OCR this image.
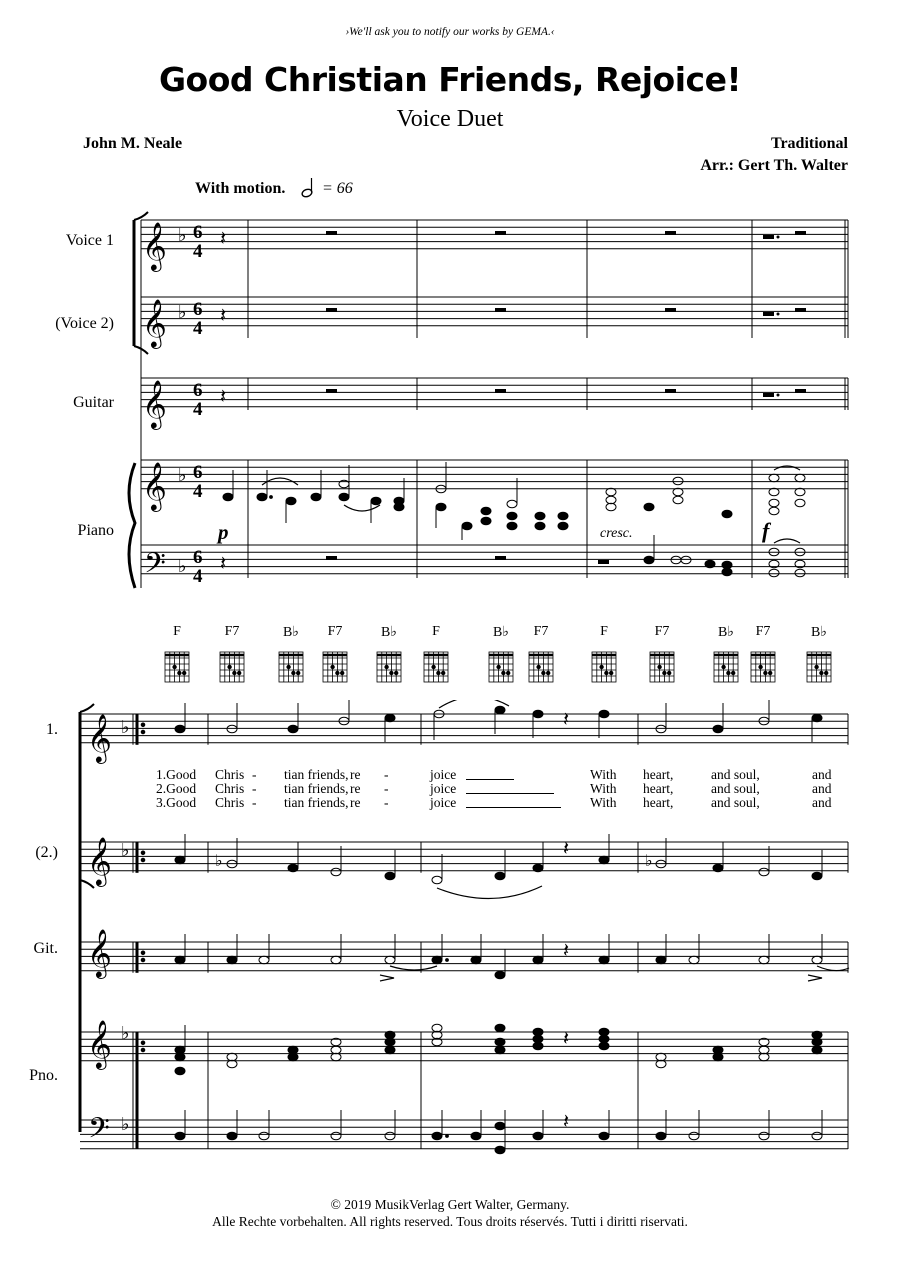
›We'll ask you to notify our works by GEMA.‹
Good Christian Friends, Rejoice!
Voice Duet
John M. Neale	Traditional
Arr.: Gert Th. Walter
With motion. = 66
Voice 1
(Voice 2)
Guitar
Piano
1.
(2.)
Git.
Pno.
𝄞
𝄞
𝄞
𝄞
𝄢
♭
♭
♭
♭
6
4
6
4
6
4
6
4
6
4
𝄽
𝄽
𝄽
𝄽
p	cresc.	f
F	F7	B♭	F7	B♭	F	B♭	F7	F	F7	B♭	F7	B♭
𝄞
𝄞
𝄞
𝄞
𝄢
♭
♭
♭
♭
𝄽
♭	♭
𝄽
𝄽
𝄽
𝄽
1.Good Chris - tian friends, re -	joice	With heart,	and soul,	and
2.Good Chris - tian friends, re -	joice	With heart,	and soul,	and
3.Good Chris - tian friends, re -	joice	With heart,	and soul,	and
© 2019 MusikVerlag Gert Walter, Germany.
Alle Rechte vorbehalten. All rights reserved. Tous droits réservés. Tutti i diritti riservati.
